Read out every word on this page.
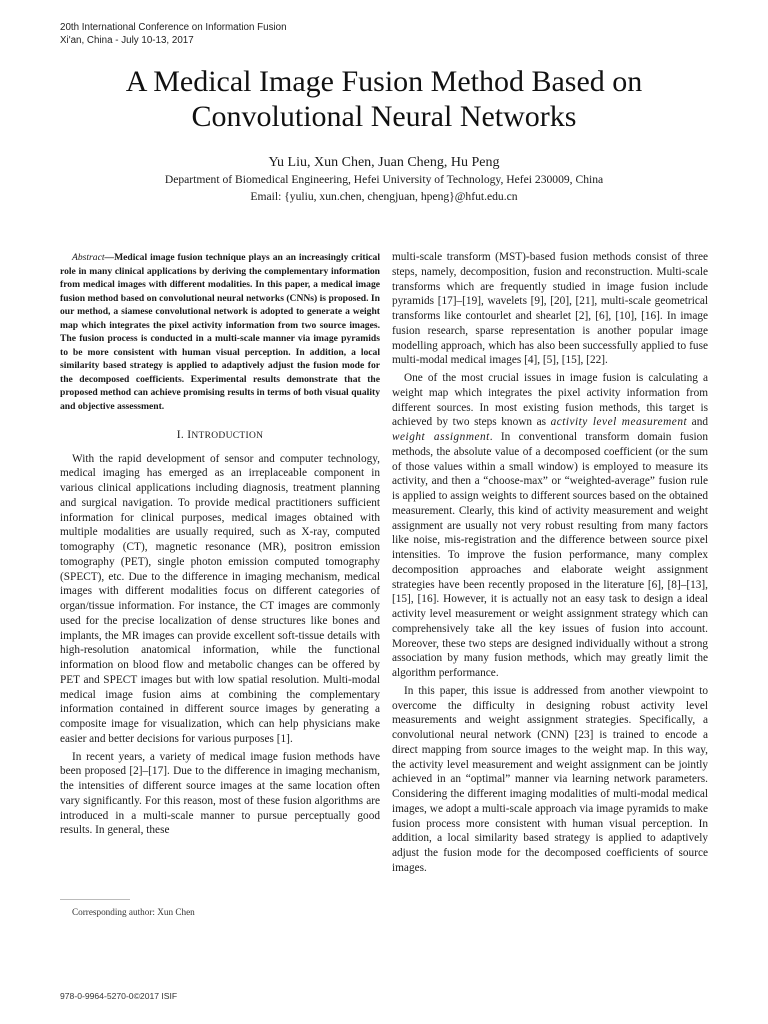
20th International Conference on Information Fusion
Xi'an, China - July 10-13, 2017
A Medical Image Fusion Method Based on
Convolutional Neural Networks
Yu Liu, Xun Chen, Juan Cheng, Hu Peng
Department of Biomedical Engineering, Hefei University of Technology, Hefei 230009, China
Email: {yuliu, xun.chen, chengjuan, hpeng}@hfut.edu.cn

Abstract—Medical image fusion technique plays an an increasingly critical role in many clinical applications by deriving the complementary information from medical images with different modalities. In this paper, a medical image fusion method based on convolutional neural networks (CNNs) is proposed. In our method, a siamese convolutional network is adopted to generate a weight map which integrates the pixel activity information from two source images. The fusion process is conducted in a multi-scale manner via image pyramids to be more consistent with human visual perception. In addition, a local similarity based strategy is applied to adaptively adjust the fusion mode for the decomposed coefficients. Experimental results demonstrate that the proposed method can achieve promising results in terms of both visual quality and objective assessment.

I. INTRODUCTION

With the rapid development of sensor and computer technology, medical imaging has emerged as an irreplaceable component in various clinical applications including diagnosis, treatment planning and surgical navigation. To provide medical practitioners sufficient information for clinical purposes, medical images obtained with multiple modalities are usually required, such as X-ray, computed tomography (CT), magnetic resonance (MR), positron emission tomography (PET), single photon emission computed tomography (SPECT), etc. Due to the difference in imaging mechanism, medical images with different modalities focus on different categories of organ/tissue information. For instance, the CT images are commonly used for the precise localization of dense structures like bones and implants, the MR images can provide excellent soft-tissue details with high-resolution anatomical information, while the functional information on blood flow and metabolic changes can be offered by PET and SPECT images but with low spatial resolution. Multi-modal medical image fusion aims at combining the complementary information contained in different source images by generating a composite image for visualization, which can help physicians make easier and better decisions for various purposes [1].

In recent years, a variety of medical image fusion methods have been proposed [2]–[17]. Due to the difference in imaging mechanism, the intensities of different source images at the same location often vary significantly. For this reason, most of these fusion algorithms are introduced in a multi-scale manner to pursue perceptually good results. In general, these

Corresponding author: Xun Chen

multi-scale transform (MST)-based fusion methods consist of three steps, namely, decomposition, fusion and reconstruction. Multi-scale transforms which are frequently studied in image fusion include pyramids [17]–[19], wavelets [9], [20], [21], multi-scale geometrical transforms like contourlet and shearlet [2], [6], [10], [16]. In image fusion research, sparse representation is another popular image modelling approach, which has also been successfully applied to fuse multi-modal medical images [4], [5], [15], [22].

One of the most crucial issues in image fusion is calculating a weight map which integrates the pixel activity information from different sources. In most existing fusion methods, this target is achieved by two steps known as activity level measurement and weight assignment. In conventional transform domain fusion methods, the absolute value of a decomposed coefficient (or the sum of those values within a small window) is employed to measure its activity, and then a “choose-max” or “weighted-average” fusion rule is applied to assign weights to different sources based on the obtained measurement. Clearly, this kind of activity measurement and weight assignment are usually not very robust resulting from many factors like noise, mis-registration and the difference between source pixel intensities. To improve the fusion performance, many complex decomposition approaches and elaborate weight assignment strategies have been recently proposed in the literature [6], [8]–[13], [15], [16]. However, it is actually not an easy task to design a ideal activity level measurement or weight assignment strategy which can comprehensively take all the key issues of fusion into account. Moreover, these two steps are designed individually without a strong association by many fusion methods, which may greatly limit the algorithm performance.

In this paper, this issue is addressed from another viewpoint to overcome the difficulty in designing robust activity level measurements and weight assignment strategies. Specifically, a convolutional neural network (CNN) [23] is trained to encode a direct mapping from source images to the weight map. In this way, the activity level measurement and weight assignment can be jointly achieved in an “optimal” manner via learning network parameters. Considering the different imaging modalities of multi-modal medical images, we adopt a multi-scale approach via image pyramids to make fusion process more consistent with human visual perception. In addition, a local similarity based strategy is applied to adaptively adjust the fusion mode for the decomposed coefficients of source images.

978-0-9964-5270-0©2017 ISIF
